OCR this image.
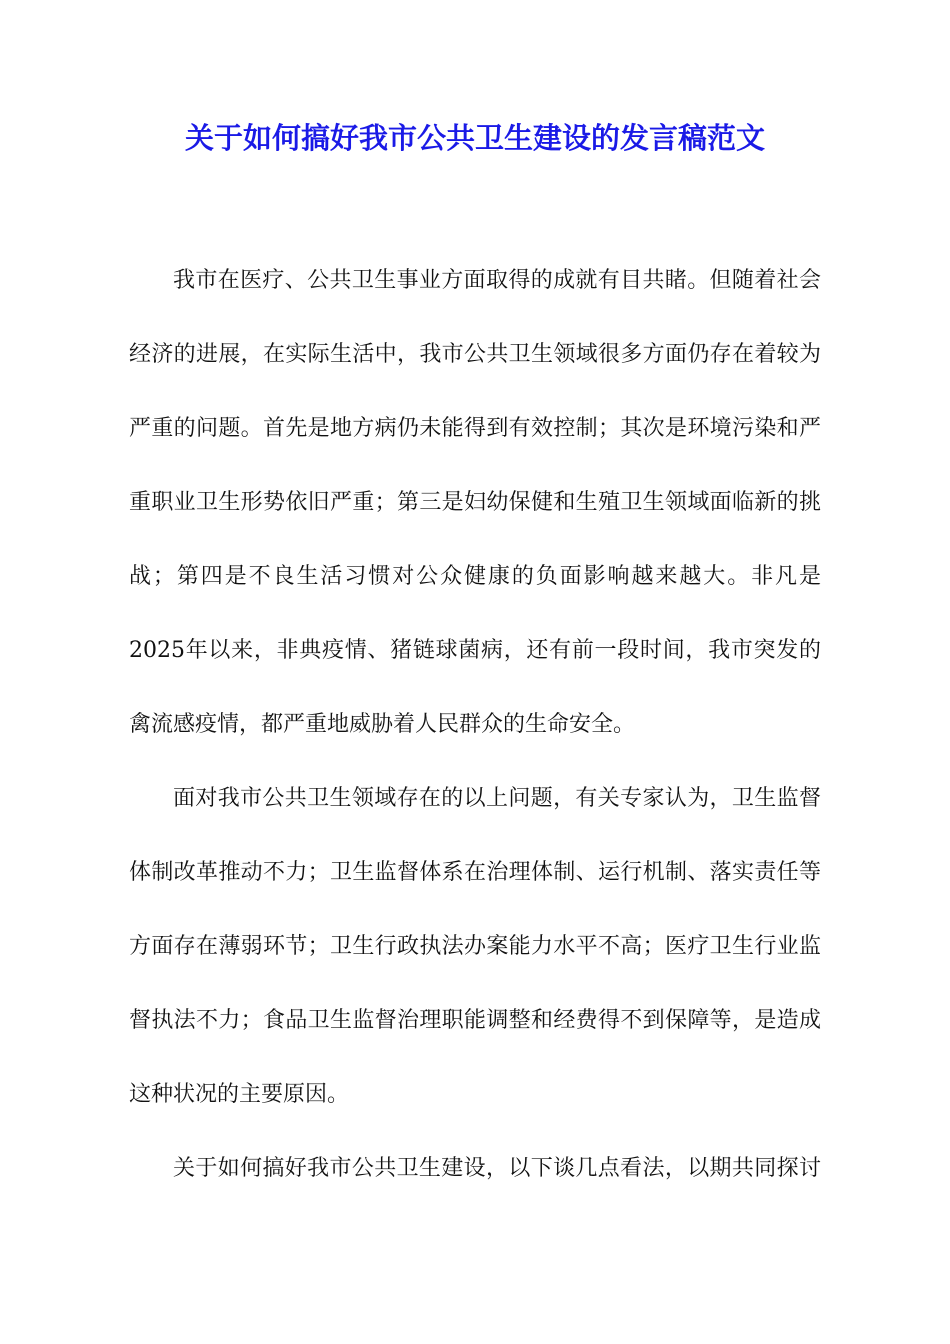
关于如何搞好我市公共卫生建设的发言稿范文
我市在医疗、公共卫生事业方面取得的成就有目共睹。但随着社会
经济的进展，在实际生活中，我市公共卫生领域很多方面仍存在着较为
严重的问题。首先是地方病仍未能得到有效控制；其次是环境污染和严
重职业卫生形势依旧严重；第三是妇幼保健和生殖卫生领域面临新的挑
战；第四是不良生活习惯对公众健康的负面影响越来越大。非凡是
2025年以来，非典疫情、猪链球菌病，还有前一段时间，我市突发的
禽流感疫情，都严重地威胁着人民群众的生命安全。
面对我市公共卫生领域存在的以上问题，有关专家认为，卫生监督
体制改革推动不力；卫生监督体系在治理体制、运行机制、落实责任等
方面存在薄弱环节；卫生行政执法办案能力水平不高；医疗卫生行业监
督执法不力；食品卫生监督治理职能调整和经费得不到保障等，是造成
这种状况的主要原因。
关于如何搞好我市公共卫生建设，以下谈几点看法，以期共同探讨
